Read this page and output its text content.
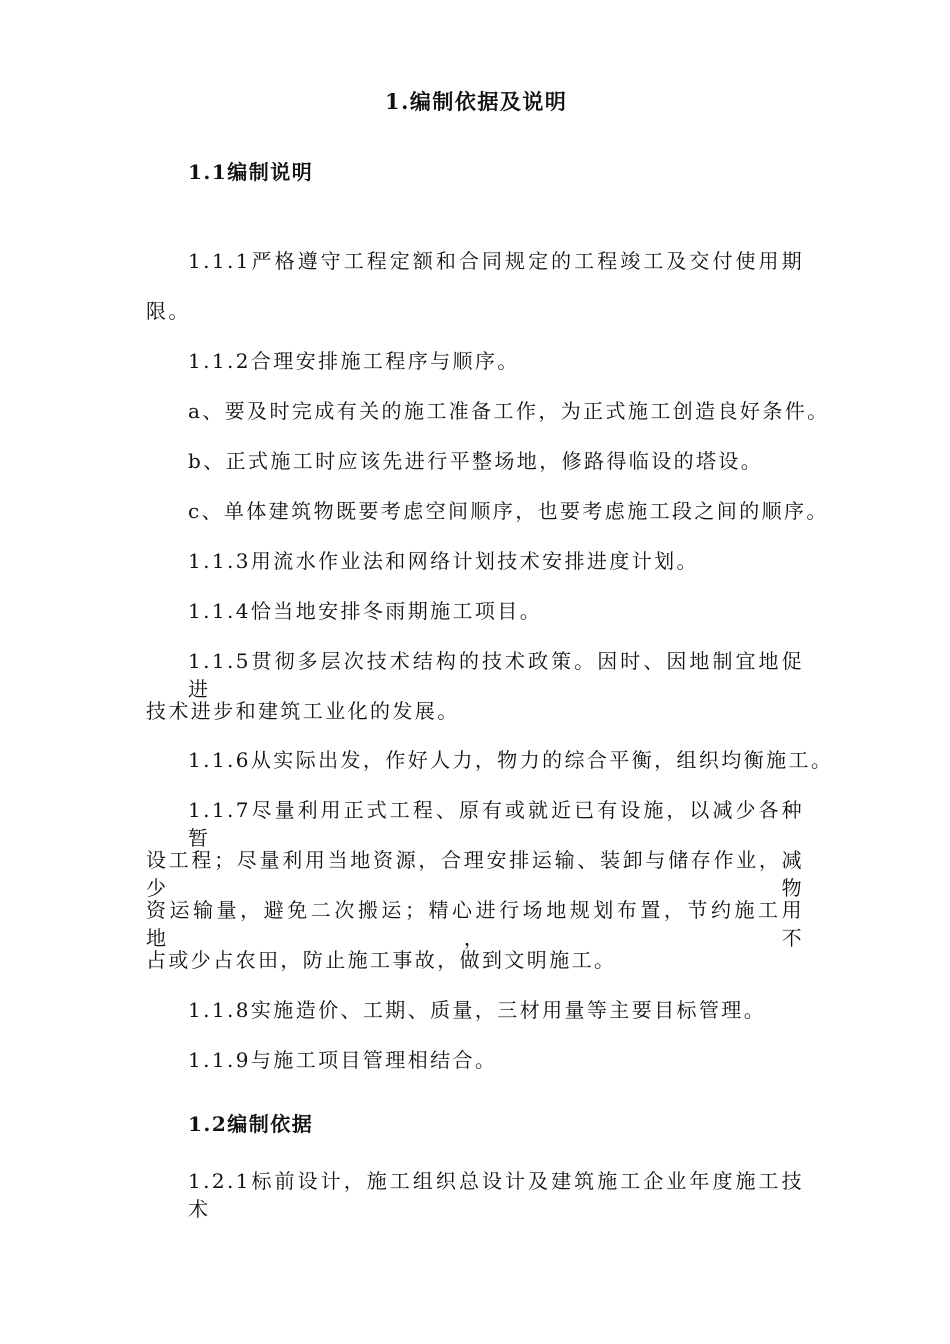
1.编制依据及说明
1.1编制说明
1.1.1严格遵守工程定额和合同规定的工程竣工及交付使用期
限。
1.1.2合理安排施工程序与顺序。
a、要及时完成有关的施工准备工作，为正式施工创造良好条件。
b、正式施工时应该先进行平整场地，修路得临设的塔设。
c、单体建筑物既要考虑空间顺序，也要考虑施工段之间的顺序。
1.1.3用流水作业法和网络计划技术安排进度计划。
1.1.4恰当地安排冬雨期施工项目。
1.1.5贯彻多层次技术结构的技术政策。因时、因地制宜地促进
技术进步和建筑工业化的发展。
1.1.6从实际出发，作好人力，物力的综合平衡，组织均衡施工。
1.1.7尽量利用正式工程、原有或就近已有设施，以减少各种暂
设工程；尽量利用当地资源，合理安排运输、装卸与储存作业，减少物
资运输量，避免二次搬运；精心进行场地规划布置，节约施工用地，不
占或少占农田，防止施工事故，做到文明施工。
1.1.8实施造价、工期、质量，三材用量等主要目标管理。
1.1.9与施工项目管理相结合。
1.2编制依据
1.2.1标前设计，施工组织总设计及建筑施工企业年度施工技术
